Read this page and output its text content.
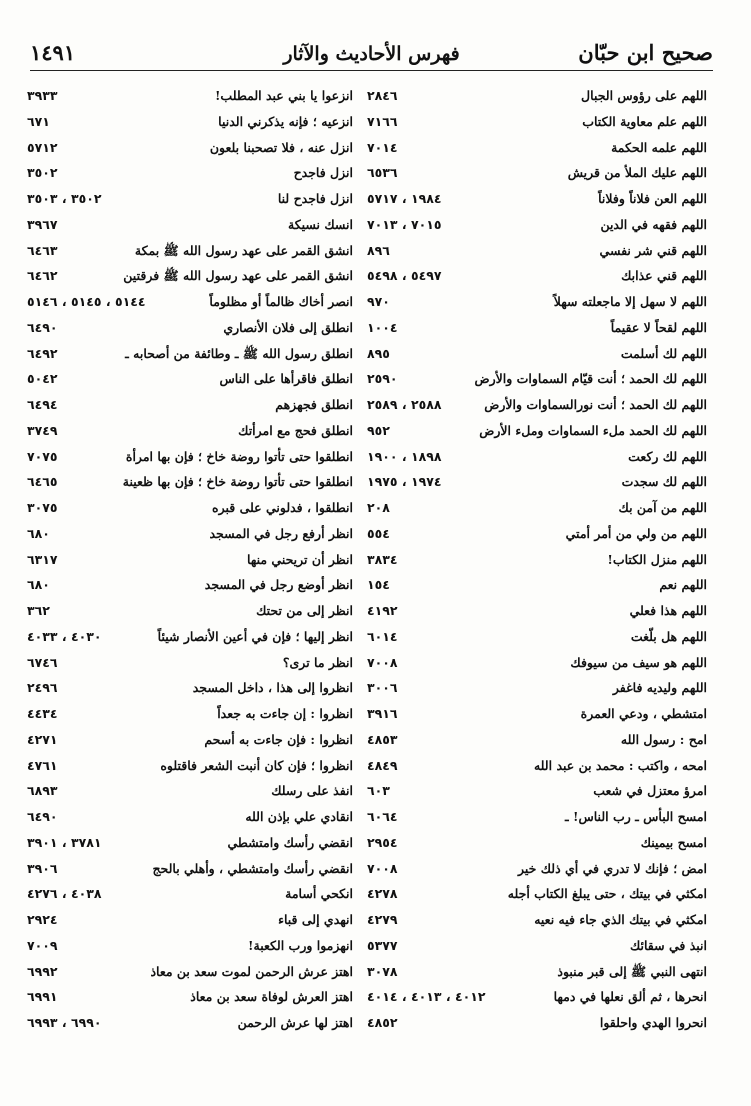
صحيح ابن حبّان
فهرس الأحاديث والآثار
١٤٩١
اللهم على رؤوس الجبال
٢٨٤٦
اللهم علم معاوية الكتاب
٧١٦٦
اللهم علمه الحكمة
٧٠١٤
اللهم عليك الملأ من قريش
٦٥٣٦
اللهم العن فلاناً وفلاناً
١٩٨٤ ، ٥٧١٧
اللهم فقهه في الدين
٧٠١٥ ، ٧٠١٣
اللهم قني شر نفسي
٨٩٦
اللهم قني عذابك
٥٤٩٧ ، ٥٤٩٨
اللهم لا سهل إلا ماجعلته سهلاً
٩٧٠
اللهم لقحاً لا عقيماً
١٠٠٤
اللهم لك أسلمت
٨٩٥
اللهم لك الحمد ؛ أنت قيّام السماوات والأرض
٢٥٩٠
اللهم لك الحمد ؛ أنت نورالسماوات والأرض
٢٥٨٨ ، ٢٥٨٩
اللهم لك الحمد ملء السماوات وملء الأرض
٩٥٢
اللهم لك ركعت
١٨٩٨ ، ١٩٠٠
اللهم لك سجدت
١٩٧٤ ، ١٩٧٥
اللهم من آمن بك
٢٠٨
اللهم من ولي من أمر أمتي
٥٥٤
اللهم منزل الكتاب!
٣٨٣٤
اللهم نعم
١٥٤
اللهم هذا فعلي
٤١٩٢
اللهم هل بلّغت
٦٠١٤
اللهم هو سيف من سيوفك
٧٠٠٨
اللهم وليديه فاغفر
٣٠٠٦
امتشطي ، ودعي العمرة
٣٩١٦
امح : رسول الله
٤٨٥٣
امحه ، واكتب : محمد بن عبد الله
٤٨٤٩
امرؤ معتزل في شعب
٦٠٣
امسح البأس ـ رب الناس! ـ
٦٠٦٤
امسح بيمينك
٢٩٥٤
امض ؛ فإنك لا تدري في أي ذلك خير
٧٠٠٨
امكثي في بيتك ، حتى يبلغ الكتاب أجله
٤٢٧٨
امكثي في بيتك الذي جاء فيه نعيه
٤٢٧٩
انبذ في سقائك
٥٣٧٧
انتهى النبي ﷺ إلى قبر منبوذ
٣٠٧٨
انحرها ، ثم ألق نعلها في دمها
٤٠١٢ ، ٤٠١٣ ، ٤٠١٤
انحروا الهدي واحلقوا
٤٨٥٢
انزعوا يا بني عبد المطلب!
٣٩٣٣
انزعيه ؛ فإنه يذكرني الدنيا
٦٧١
انزل عنه ، فلا تصحبنا بلعون
٥٧١٢
انزل فاجدح
٣٥٠٢
انزل فاجدح لنا
٣٥٠٢ ، ٣٥٠٣
انسك نسيكة
٣٩٦٧
انشق القمر على عهد رسول الله ﷺ بمكة
٦٤٦٣
انشق القمر على عهد رسول الله ﷺ فرقتين
٦٤٦٢
انصر أخاك ظالماً أو مظلوماً
٥١٤٤ ، ٥١٤٥ ، ٥١٤٦
انطلق إلى فلان الأنصاري
٦٤٩٠
انطلق رسول الله ﷺ ـ وطائفة من أصحابه ـ
٦٤٩٢
انطلق فاقرأها على الناس
٥٠٤٢
انطلق فجهزهم
٦٤٩٤
انطلق فحج مع امرأتك
٣٧٤٩
انطلقوا حتى تأتوا روضة خاخ ؛ فإن بها امرأة
٧٠٧٥
انطلقوا حتى تأتوا روضة خاخ ؛ فإن بها ظعينة
٦٤٦٥
انطلقوا ، فدلوني على قبره
٣٠٧٥
انظر أرفع رجل في المسجد
٦٨٠
انظر أن تريحني منها
٦٣١٧
انظر أوضع رجل في المسجد
٦٨٠
انظر إلى من تحتك
٣٦٢
انظر إليها ؛ فإن في أعين الأنصار شيئاً
٤٠٣٠ ، ٤٠٣٣
انظر ما ترى؟
٦٧٤٦
انظروا إلى هذا ، داخل المسجد
٢٤٩٦
انظروا : إن جاءت به جعداً
٤٤٣٤
انظروا : فإن جاءت به أسحم
٤٢٧١
انظروا ؛ فإن كان أنبت الشعر فاقتلوه
٤٧٦١
انفذ على رسلك
٦٨٩٣
انقادي علي بإذن الله
٦٤٩٠
انقضي رأسك وامتشطي
٣٧٨١ ، ٣٩٠١
انقضي رأسك وامتشطي ، وأهلي بالحج
٣٩٠٦
انكحي أسامة
٤٠٣٨ ، ٤٢٧٦
انهدي إلى قباء
٢٩٢٤
انهزموا ورب الكعبة!
٧٠٠٩
اهتز عرش الرحمن لموت سعد بن معاذ
٦٩٩٢
اهتز العرش لوفاة سعد بن معاذ
٦٩٩١
اهتز لها عرش الرحمن
٦٩٩٠ ، ٦٩٩٣
